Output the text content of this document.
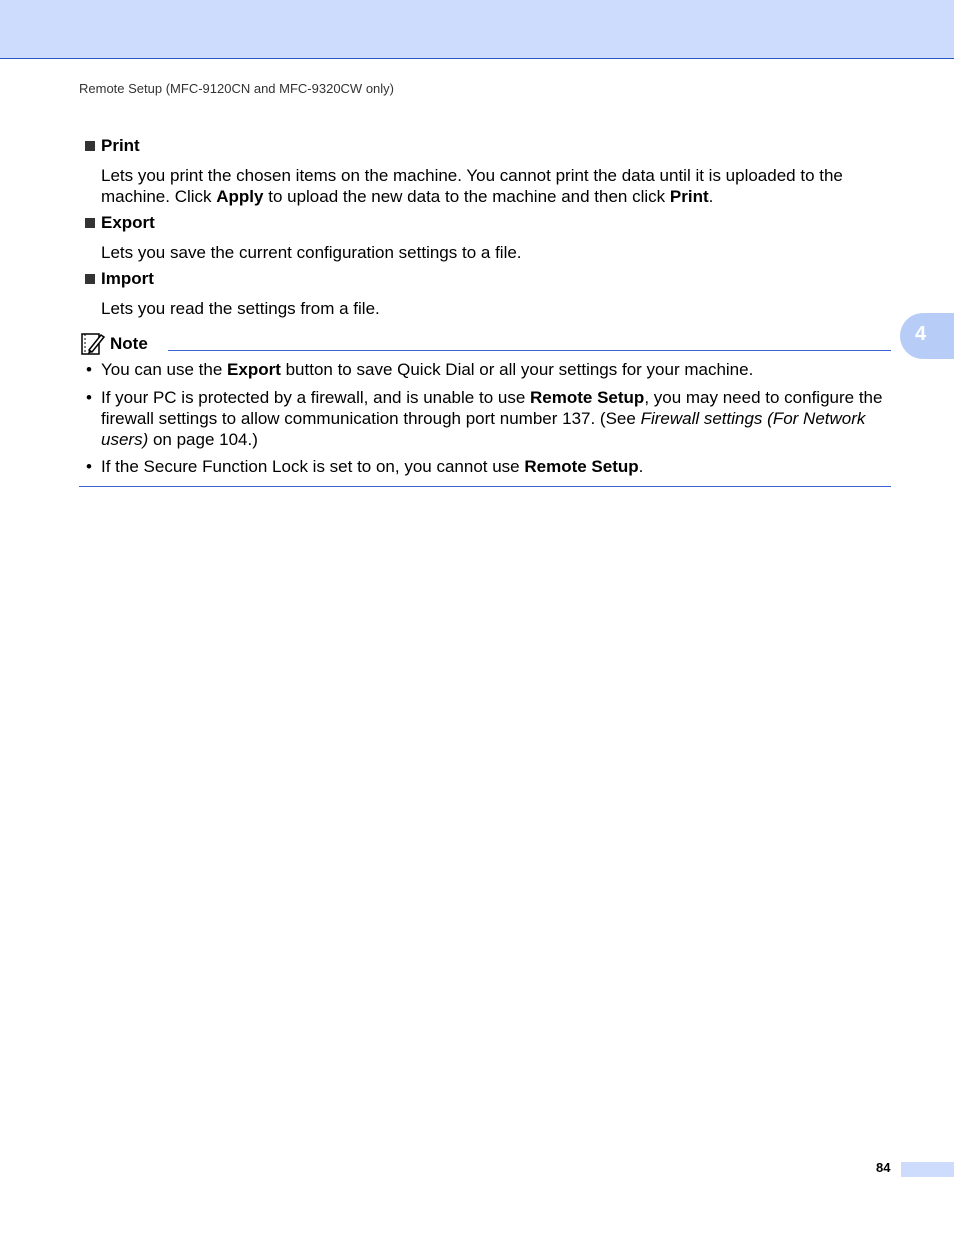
Remote Setup (MFC-9120CN and MFC-9320CW only)
4
Print
Lets you print the chosen items on the machine. You cannot print the data until it is uploaded to the machine. Click Apply to upload the new data to the machine and then click Print.
Export
Lets you save the current configuration settings to a file.
Import
Lets you read the settings from a file.
Note
• You can use the Export button to save Quick Dial or all your settings for your machine.
• If your PC is protected by a firewall, and is unable to use Remote Setup, you may need to configure the firewall settings to allow communication through port number 137. (See Firewall settings (For Network users) on page 104.)
• If the Secure Function Lock is set to on, you cannot use Remote Setup.
84
